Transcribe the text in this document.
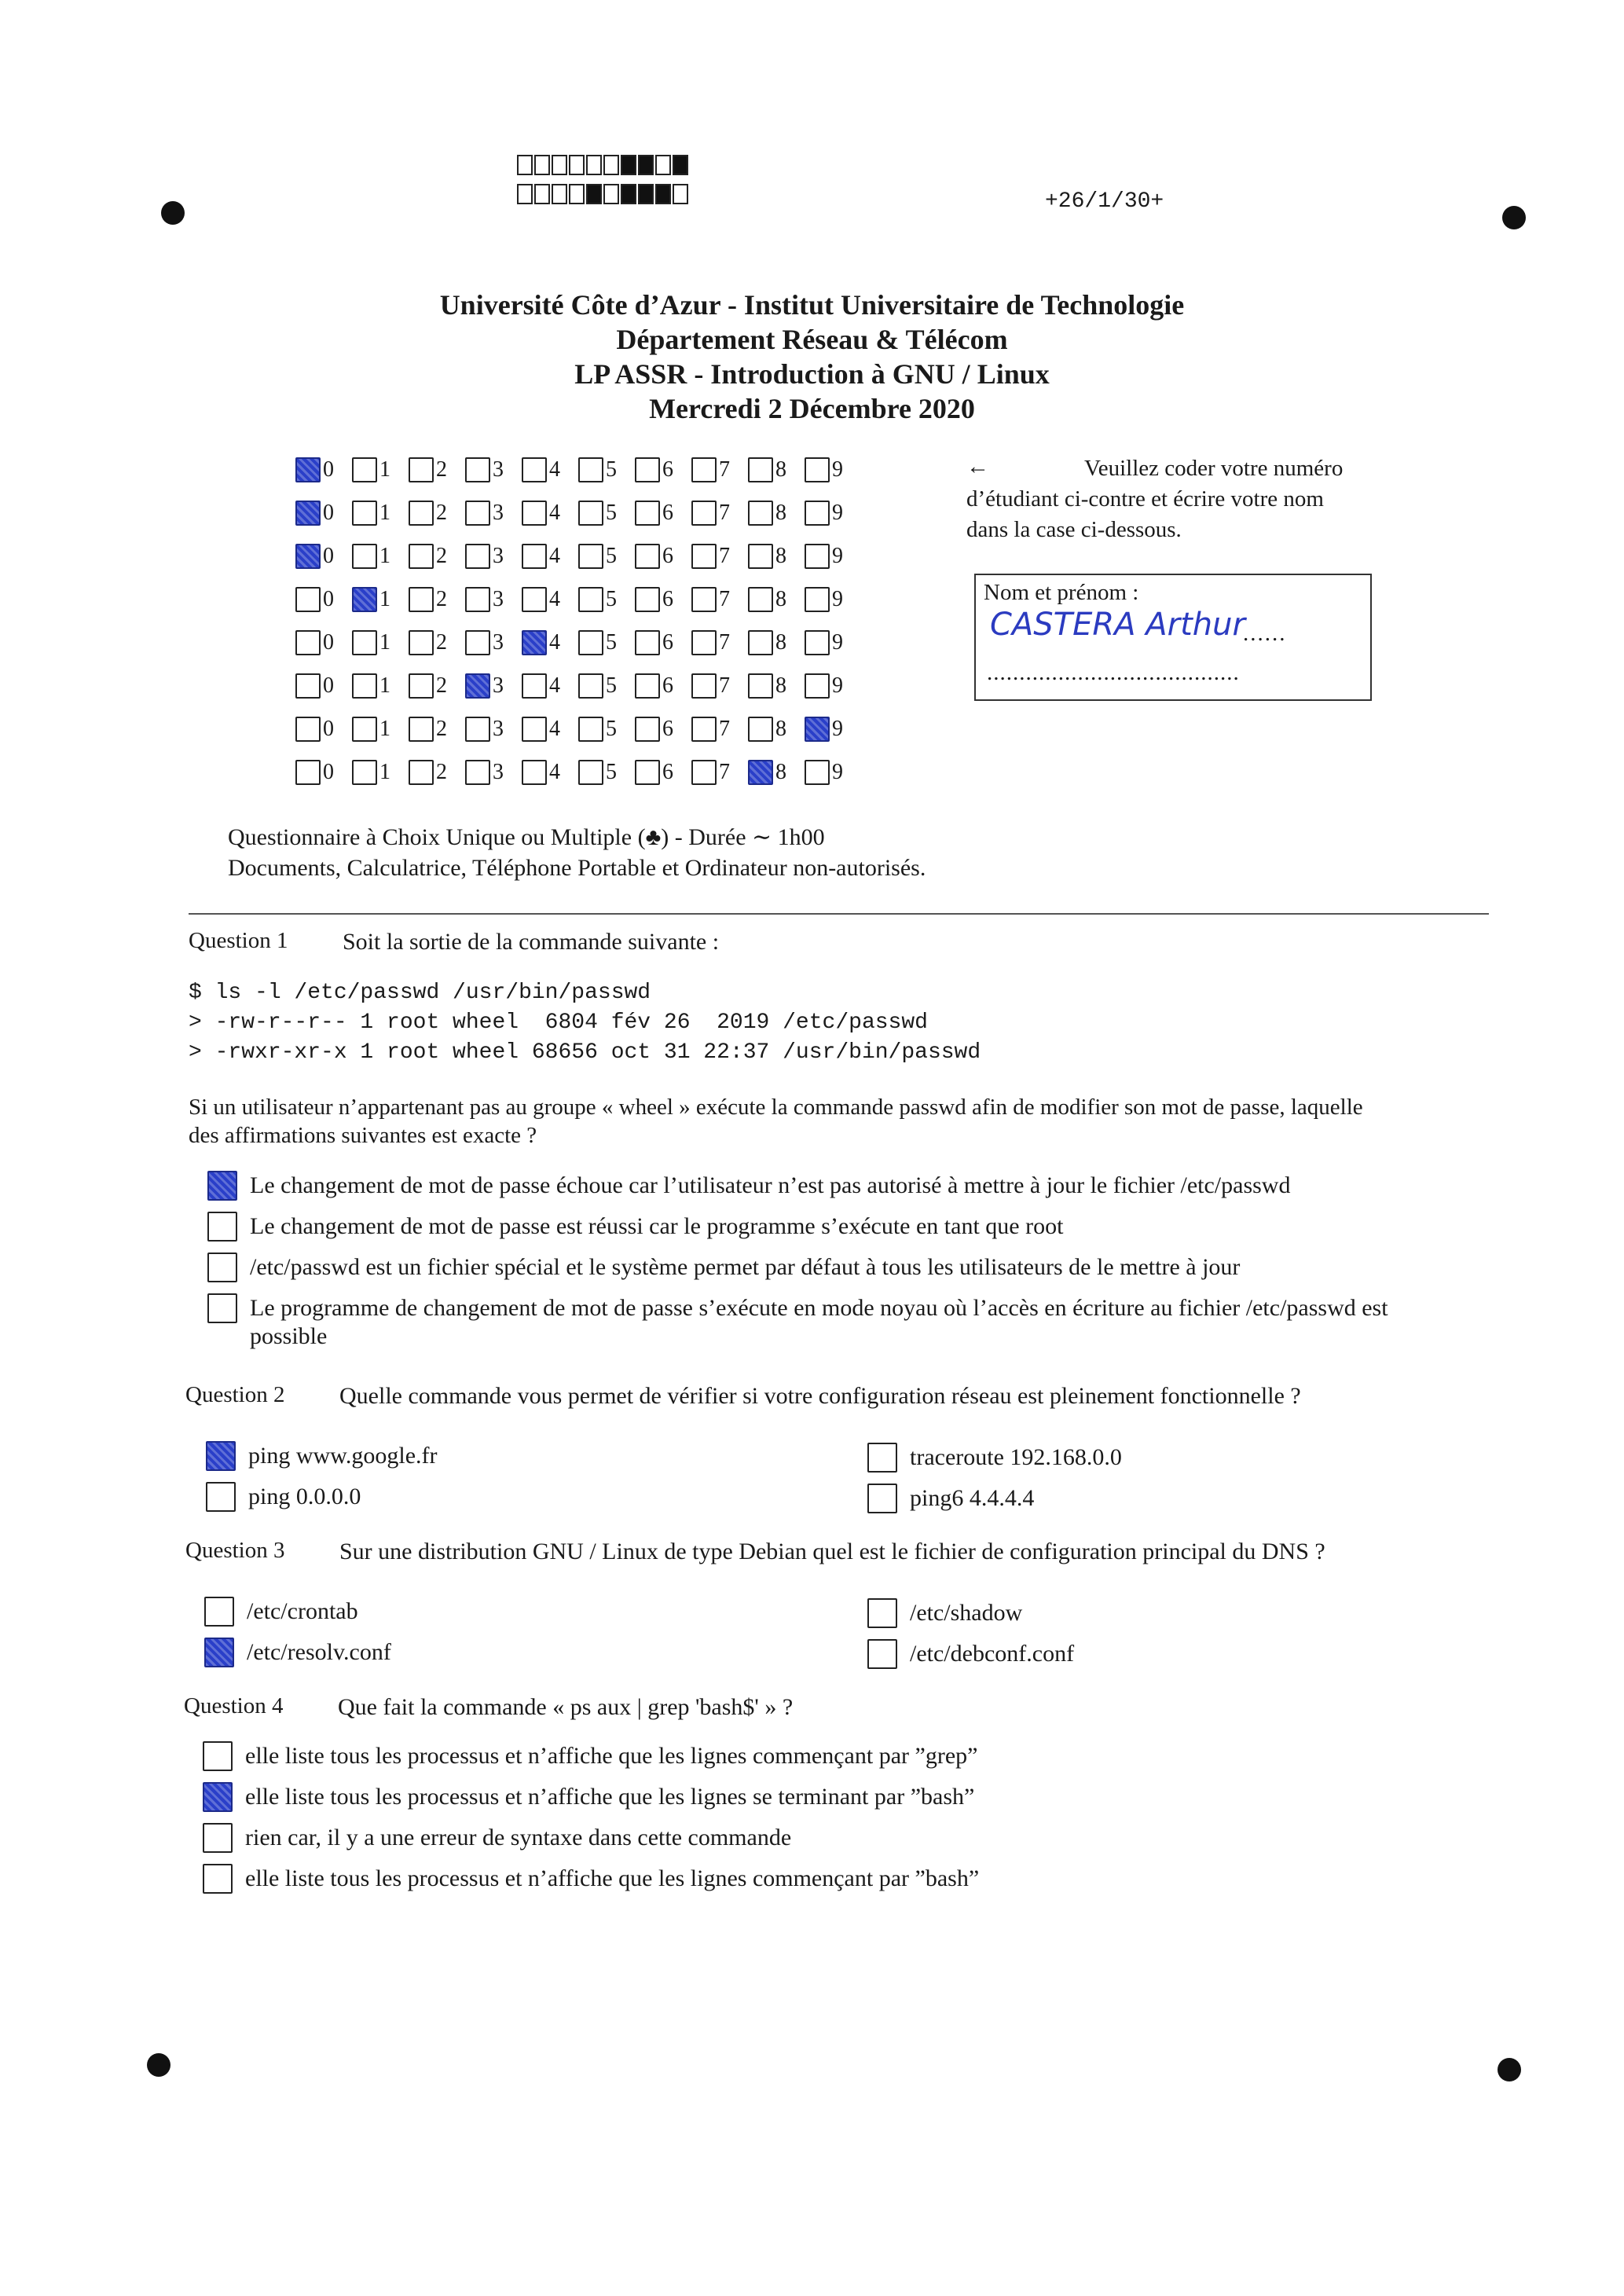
+26/1/30+
Université Côte d’Azur - Institut Universitaire de Technologie
Département Réseau & Télécom
LP ASSR - Introduction à GNU / Linux
Mercredi 2 Décembre 2020
0 1 2 3 4 5 6 7 8 9
0 1 2 3 4 5 6 7 8 9
0 1 2 3 4 5 6 7 8 9
0 1 2 3 4 5 6 7 8 9
0 1 2 3 4 5 6 7 8 9
0 1 2 3 4 5 6 7 8 9
0 1 2 3 4 5 6 7 8 9
0 1 2 3 4 5 6 7 8 9
←	Veuillez coder votre numéro
d’étudiant ci-contre et écrire votre nom
dans la case ci-dessous.
Nom et prénom :
CASTERA Arthur
......
.......................................
Questionnaire à Choix Unique ou Multiple (♣) - Durée ∼ 1h00
Documents, Calculatrice, Téléphone Portable et Ordinateur non-autorisés.
Question 1 Soit la sortie de la commande suivante :
$ ls -l /etc/passwd /usr/bin/passwd
> -rw-r--r-- 1 root wheel  6804 fév 26  2019 /etc/passwd
> -rwxr-xr-x 1 root wheel 68656 oct 31 22:37 /usr/bin/passwd
Si un utilisateur n’appartenant pas au groupe « wheel » exécute la commande passwd afin de modifier son mot de passe, laquelle
des affirmations suivantes est exacte ?
Le changement de mot de passe échoue car l’utilisateur n’est pas autorisé à mettre à jour le fichier /etc/passwd
Le changement de mot de passe est réussi car le programme s’exécute en tant que root
/etc/passwd est un fichier spécial et le système permet par défaut à tous les utilisateurs de le mettre à jour
Le programme de changement de mot de passe s’exécute en mode noyau où l’accès en écriture au fichier /etc/passwd est
possible
Question 2 Quelle commande vous permet de vérifier si votre configuration réseau est pleinement fonctionnelle ?
ping www.google.fr	traceroute 192.168.0.0
ping 0.0.0.0	ping6 4.4.4.4
Question 3 Sur une distribution GNU / Linux de type Debian quel est le fichier de configuration principal du DNS ?
/etc/crontab	/etc/shadow
/etc/resolv.conf	/etc/debconf.conf
Question 4 Que fait la commande « ps aux | grep 'bash$' » ?
elle liste tous les processus et n’affiche que les lignes commençant par ”grep”
elle liste tous les processus et n’affiche que les lignes se terminant par ”bash”
rien car, il y a une erreur de syntaxe dans cette commande
elle liste tous les processus et n’affiche que les lignes commençant par ”bash”
